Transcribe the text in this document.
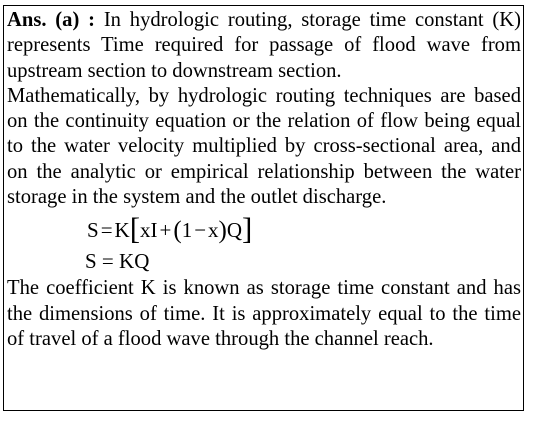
Ans. (a) : In hydrologic routing, storage time constant (K) represents Time required for passage of flood wave from upstream section to downstream section.

Mathematically, by hydrologic routing techniques are based on the continuity equation or the relation of flow being equal to the water velocity multiplied by cross-sectional area, and on the analytic or empirical relationship between the water storage in the system and the outlet discharge.

S=K[xI+(1−x)Q]
S = KQ

The coefficient K is known as storage time constant and has the dimensions of time. It is approximately equal to the time of travel of a flood wave through the channel reach.
